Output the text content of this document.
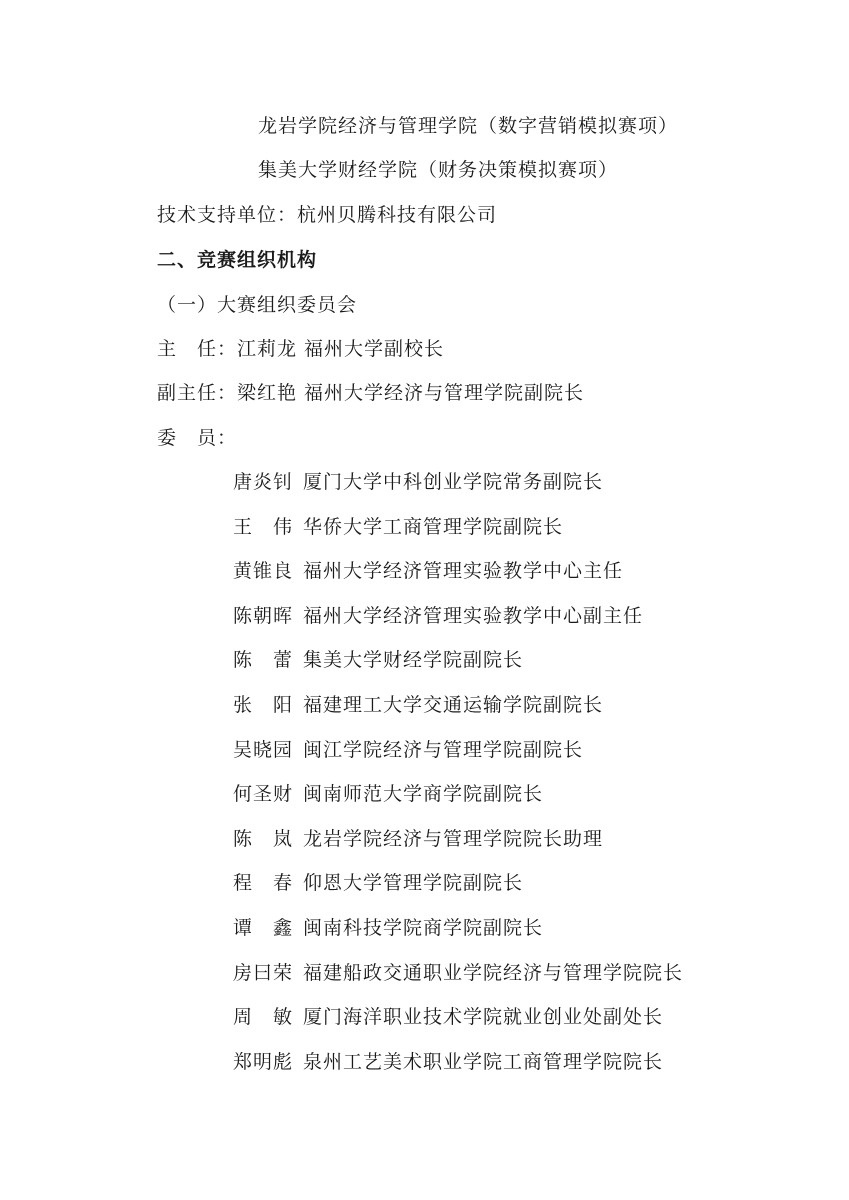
龙岩学院经济与管理学院（数字营销模拟赛项）
集美大学财经学院（财务决策模拟赛项）
技术支持单位：杭州贝腾科技有限公司
二、竞赛组织机构
（一）大赛组织委员会
主　任：江莉龙 福州大学副校长
副主任：梁红艳 福州大学经济与管理学院副院长
委　员：
唐炎钊 厦门大学中科创业学院常务副院长
王　伟 华侨大学工商管理学院副院长
黄锥良 福州大学经济管理实验教学中心主任
陈朝晖 福州大学经济管理实验教学中心副主任
陈　蕾 集美大学财经学院副院长
张　阳 福建理工大学交通运输学院副院长
吴晓园 闽江学院经济与管理学院副院长
何圣财 闽南师范大学商学院副院长
陈　岚 龙岩学院经济与管理学院院长助理
程　春 仰恩大学管理学院副院长
谭　鑫 闽南科技学院商学院副院长
房曰荣 福建船政交通职业学院经济与管理学院院长
周　敏 厦门海洋职业技术学院就业创业处副处长
郑明彪 泉州工艺美术职业学院工商管理学院院长
